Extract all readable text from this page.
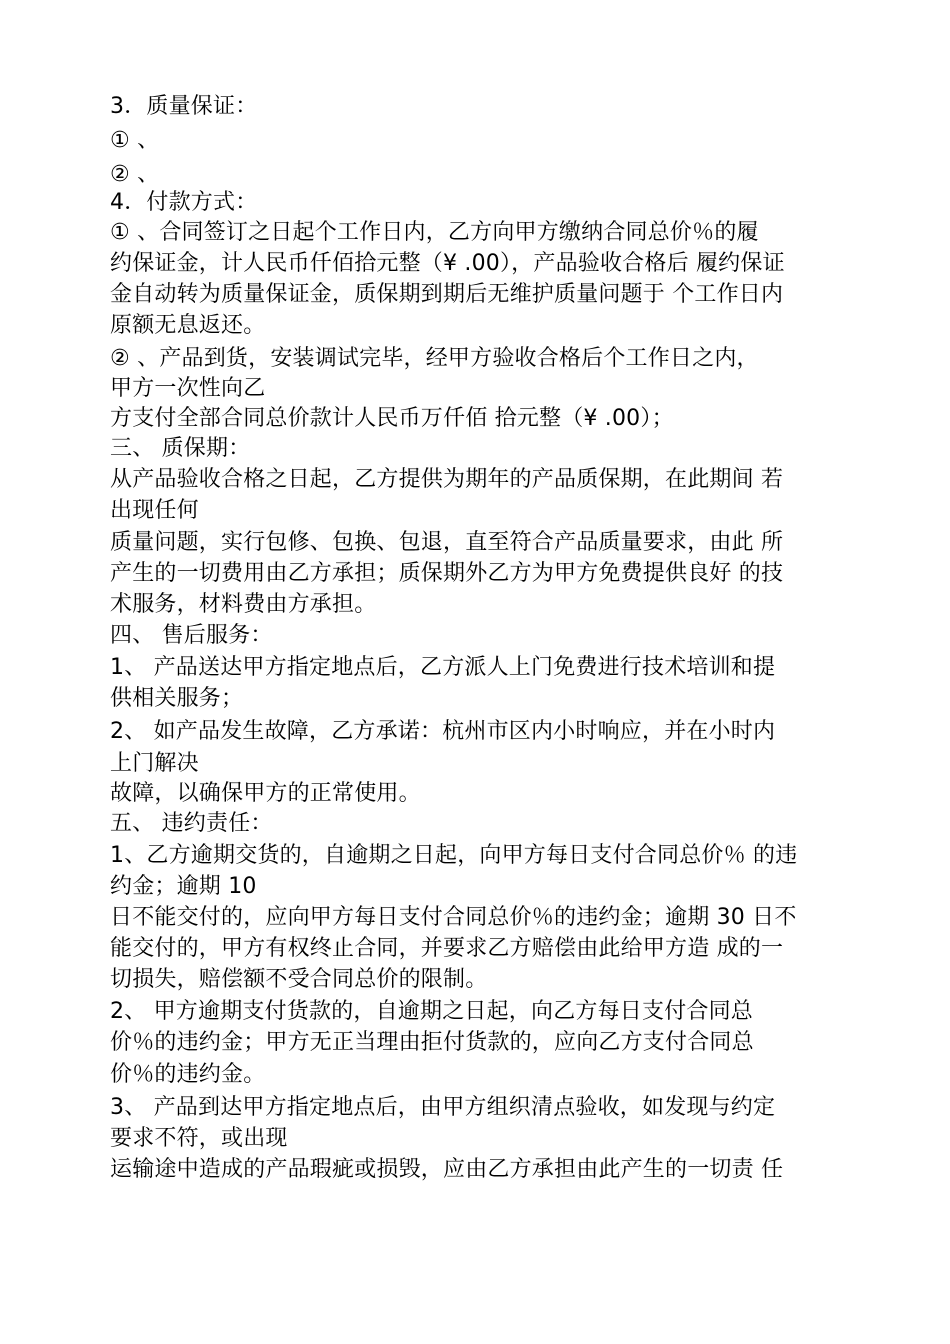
3．质量保证：
① 、
② 、
4．付款方式：
① 、合同签订之日起个工作日内，乙方向甲方缴纳合同总价％的履
约保证金，计人民币仟佰拾元整（¥ .00），产品验收合格后 履约保证
金自动转为质量保证金，质保期到期后无维护质量问题于 个工作日内
原额无息返还。
② 、产品到货，安装调试完毕，经甲方验收合格后个工作日之内，
甲方一次性向乙
方支付全部合同总价款计人民币万仟佰 拾元整（¥ .00）；
三、 质保期：
从产品验收合格之日起，乙方提供为期年的产品质保期，在此期间 若
出现任何
质量问题，实行包修、包换、包退，直至符合产品质量要求，由此 所
产生的一切费用由乙方承担；质保期外乙方为甲方免费提供良好 的技
术服务，材料费由方承担。
四、 售后服务：
1、 产品送达甲方指定地点后，乙方派人上门免费进行技术培训和提
供相关服务；
2、 如产品发生故障，乙方承诺：杭州市区内小时响应，并在小时内
上门解决
故障，以确保甲方的正常使用。
五、 违约责任：
1、乙方逾期交货的，自逾期之日起，向甲方每日支付合同总价％ 的违
约金；逾期 10
日不能交付的，应向甲方每日支付合同总价％的违约金；逾期 30 日不
能交付的，甲方有权终止合同，并要求乙方赔偿由此给甲方造 成的一
切损失，赔偿额不受合同总价的限制。
2、 甲方逾期支付货款的，自逾期之日起，向乙方每日支付合同总
价％的违约金；甲方无正当理由拒付货款的，应向乙方支付合同总
价％的违约金。
3、 产品到达甲方指定地点后，由甲方组织清点验收，如发现与约定
要求不符，或出现
运输途中造成的产品瑕疵或损毁，应由乙方承担由此产生的一切责 任
